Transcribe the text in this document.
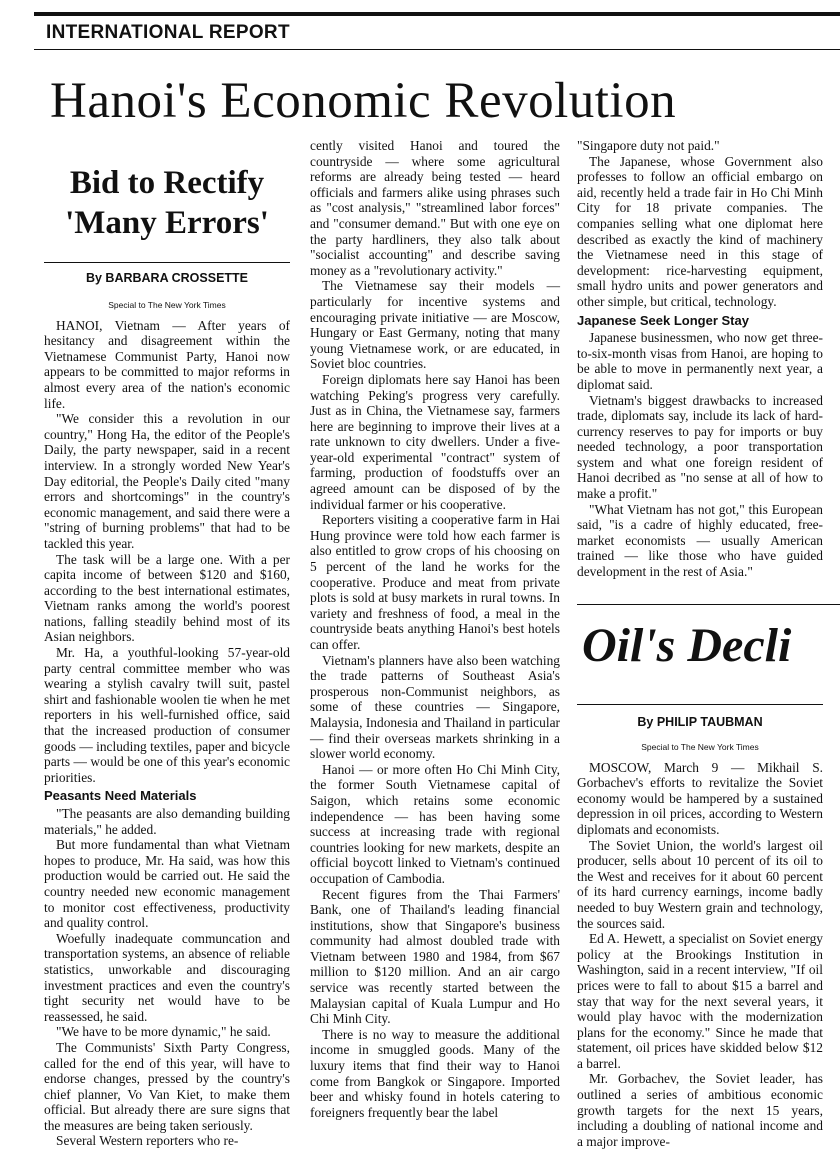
INTERNATIONAL REPORT
Hanoi's Economic Revolution
Bid to Rectify 'Many Errors'
By BARBARA CROSSETTE
Special to The New York Times

HANOI, Vietnam — After years of hesitancy and disagreement within the Vietnamese Communist Party, Hanoi now appears to be committed to major reforms in almost every area of the nation's economic life.

"We consider this a revolution in our country," Hong Ha, the editor of the People's Daily, the party newspaper, said in a recent interview. In a strongly worded New Year's Day editorial, the People's Daily cited "many errors and shortcomings" in the country's economic management, and said there were a "string of burning problems" that had to be tackled this year.

The task will be a large one. With a per capita income of between $120 and $160, according to the best international estimates, Vietnam ranks among the world's poorest nations, falling steadily behind most of its Asian neighbors.

Mr. Ha, a youthful-looking 57-year-old party central committee member who was wearing a stylish cavalry twill suit, pastel shirt and fashionable woolen tie when he met reporters in his well-furnished office, said that the increased production of consumer goods — including textiles, paper and bicycle parts — would be one of this year's economic priorities.

Peasants Need Materials

"The peasants are also demanding building materials," he added.

But more fundamental than what Vietnam hopes to produce, Mr. Ha said, was how this production would be carried out. He said the country needed new economic management to monitor cost effectiveness, productivity and quality control.

Woefully inadequate communcation and transportation systems, an absence of reliable statistics, unworkable and discouraging investment practices and even the country's tight security net would have to be reassessed, he said.

"We have to be more dynamic," he said.

The Communists' Sixth Party Congress, called for the end of this year, will have to endorse changes, pressed by the country's chief planner, Vo Van Kiet, to make them official. But already there are sure signs that the measures are being taken seriously.

Several Western reporters who re-

cently visited Hanoi and toured the countryside — where some agricultural reforms are already being tested — heard officials and farmers alike using phrases such as "cost analysis," "streamlined labor forces" and "consumer demand." But with one eye on the party hardliners, they also talk about "socialist accounting" and describe saving money as a "revolutionary activity."

The Vietnamese say their models — particularly for incentive systems and encouraging private initiative — are Moscow, Hungary or East Germany, noting that many young Vietnamese work, or are educated, in Soviet bloc countries.

Foreign diplomats here say Hanoi has been watching Peking's progress very carefully. Just as in China, the Vietnamese say, farmers here are beginning to improve their lives at a rate unknown to city dwellers. Under a five-year-old experimental "contract" system of farming, production of foodstuffs over an agreed amount can be disposed of by the individual farmer or his cooperative.

Reporters visiting a cooperative farm in Hai Hung province were told how each farmer is also entitled to grow crops of his choosing on 5 percent of the land he works for the cooperative. Produce and meat from private plots is sold at busy markets in rural towns. In variety and freshness of food, a meal in the countryside beats anything Hanoi's best hotels can offer.

Vietnam's planners have also been watching the trade patterns of Southeast Asia's prosperous non-Communist neighbors, as some of these countries — Singapore, Malaysia, Indonesia and Thailand in particular — find their overseas markets shrinking in a slower world economy.

Hanoi — or more often Ho Chi Minh City, the former South Vietnamese capital of Saigon, which retains some economic independence — has been having some success at increasing trade with regional countries looking for new markets, despite an official boycott linked to Vietnam's continued occupation of Cambodia.

Recent figures from the Thai Farmers' Bank, one of Thailand's leading financial institutions, show that Singapore's business community had almost doubled trade with Vietnam between 1980 and 1984, from $67 million to $120 million. And an air cargo service was recently started between the Malaysian capital of Kuala Lumpur and Ho Chi Minh City.

There is no way to measure the additional income in smuggled goods. Many of the luxury items that find their way to Hanoi come from Bangkok or Singapore. Imported beer and whisky found in hotels catering to foreigners frequently bear the label

"Singapore duty not paid."

The Japanese, whose Government also professes to follow an official embargo on aid, recently held a trade fair in Ho Chi Minh City for 18 private companies. The companies selling what one diplomat here described as exactly the kind of machinery the Vietnamese need in this stage of development: rice-harvesting equipment, small hydro units and power generators and other simple, but critical, technology.

Japanese Seek Longer Stay

Japanese businessmen, who now get three-to-six-month visas from Hanoi, are hoping to be able to move in permanently next year, a diplomat said.

Vietnam's biggest drawbacks to increased trade, diplomats say, include its lack of hard-currency reserves to pay for imports or buy needed technology, a poor transportation system and what one foreign resident of Hanoi decribed as "no sense at all of how to make a profit."

"What Vietnam has not got," this European said, "is a cadre of highly educated, free-market economists — usually American trained — like those who have guided development in the rest of Asia."

Oil's Decli
By PHILIP TAUBMAN
Special to The New York Times

MOSCOW, March 9 — Mikhail S. Gorbachev's efforts to revitalize the Soviet economy would be hampered by a sustained depression in oil prices, according to Western diplomats and economists.

The Soviet Union, the world's largest oil producer, sells about 10 percent of its oil to the West and receives for it about 60 percent of its hard currency earnings, income badly needed to buy Western grain and technology, the sources said.

Ed A. Hewett, a specialist on Soviet energy policy at the Brookings Institution in Washington, said in a recent interview, "If oil prices were to fall to about $15 a barrel and stay that way for the next several years, it would play havoc with the modernization plans for the economy." Since he made that statement, oil prices have skidded below $12 a barrel.

Mr. Gorbachev, the Soviet leader, has outlined a series of ambitious economic growth targets for the next 15 years, including a doubling of national income and a major improve-
